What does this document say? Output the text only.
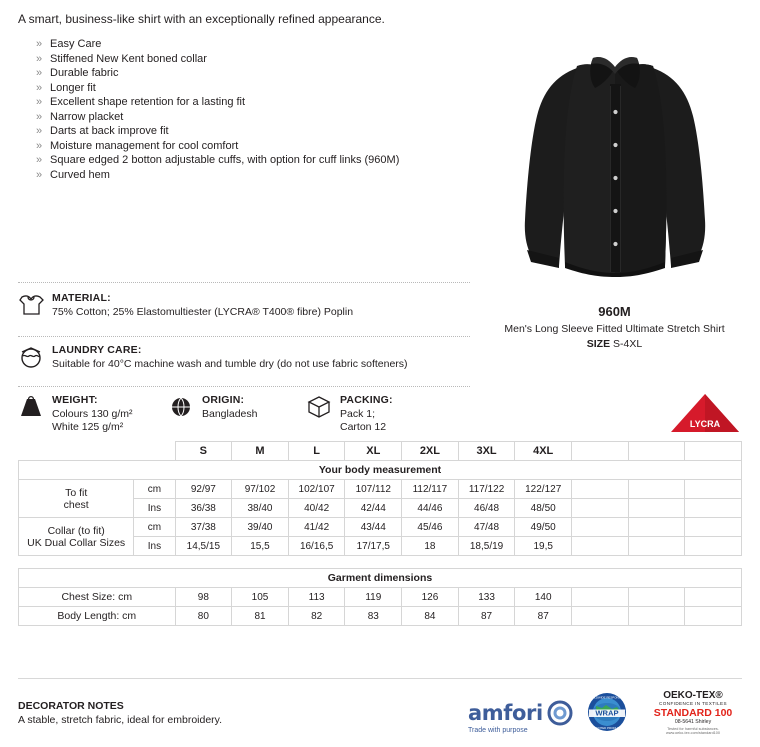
A smart, business-like shirt with an exceptionally refined appearance.
» Easy Care
» Stiffened New Kent boned collar
» Durable fabric
» Longer fit
» Excellent shape retention for a lasting fit
» Narrow placket
» Darts at back improve fit
» Moisture management for cool comfort
» Square edged 2 botton adjustable cuffs, with option for cuff links (960M)
» Curved hem
960M
Men's Long Sleeve Fitted Ultimate Stretch Shirt
SIZE S-4XL
MATERIAL:
75% Cotton; 25% Elastomultiester (LYCRA® T400® fibre) Poplin
LAUNDRY CARE:
Suitable for 40°C machine wash and tumble dry (do not use fabric softeners)
WEIGHT:
Colours 130 g/m²
White 125 g/m²
ORIGIN:
Bangladesh
PACKING:
Pack 1;
Carton 12	LYCRA
		S	M	L	XL	2XL	3XL	4XL			
Your body measurement											
To fit
chest	cm	92/97	97/102	102/107	107/112	112/117	117/122	122/127			
	Ins	36/38	38/40	40/42	42/44	44/46	46/48	48/50			
Collar (to fit)
UK Dual Collar Sizes	cm	37/38	39/40	41/42	43/44	45/46	47/48	49/50			
	Ins	14,5/15	15,5	16/16,5	17/17,5	18	18,5/19	19,5			
Garment dimensions										
Chest Size: cm	98	105	113	119	126	133	140			
Body Length: cm	80	81	82	83	84	87	87			
DECORATOR NOTES
A stable, stretch fabric, ideal for embroidery.	amfori
Trade with purpose
WRAP
WORLDWIDE RESPONSIBLE
ACCREDITED PRODUCTION
OEKO-TEX®
CONFIDENCE IN TEXTILES
STANDARD 100
08-5641 Shirley
Tested for harmful substances.
www.oeko-tex.com/standard100
